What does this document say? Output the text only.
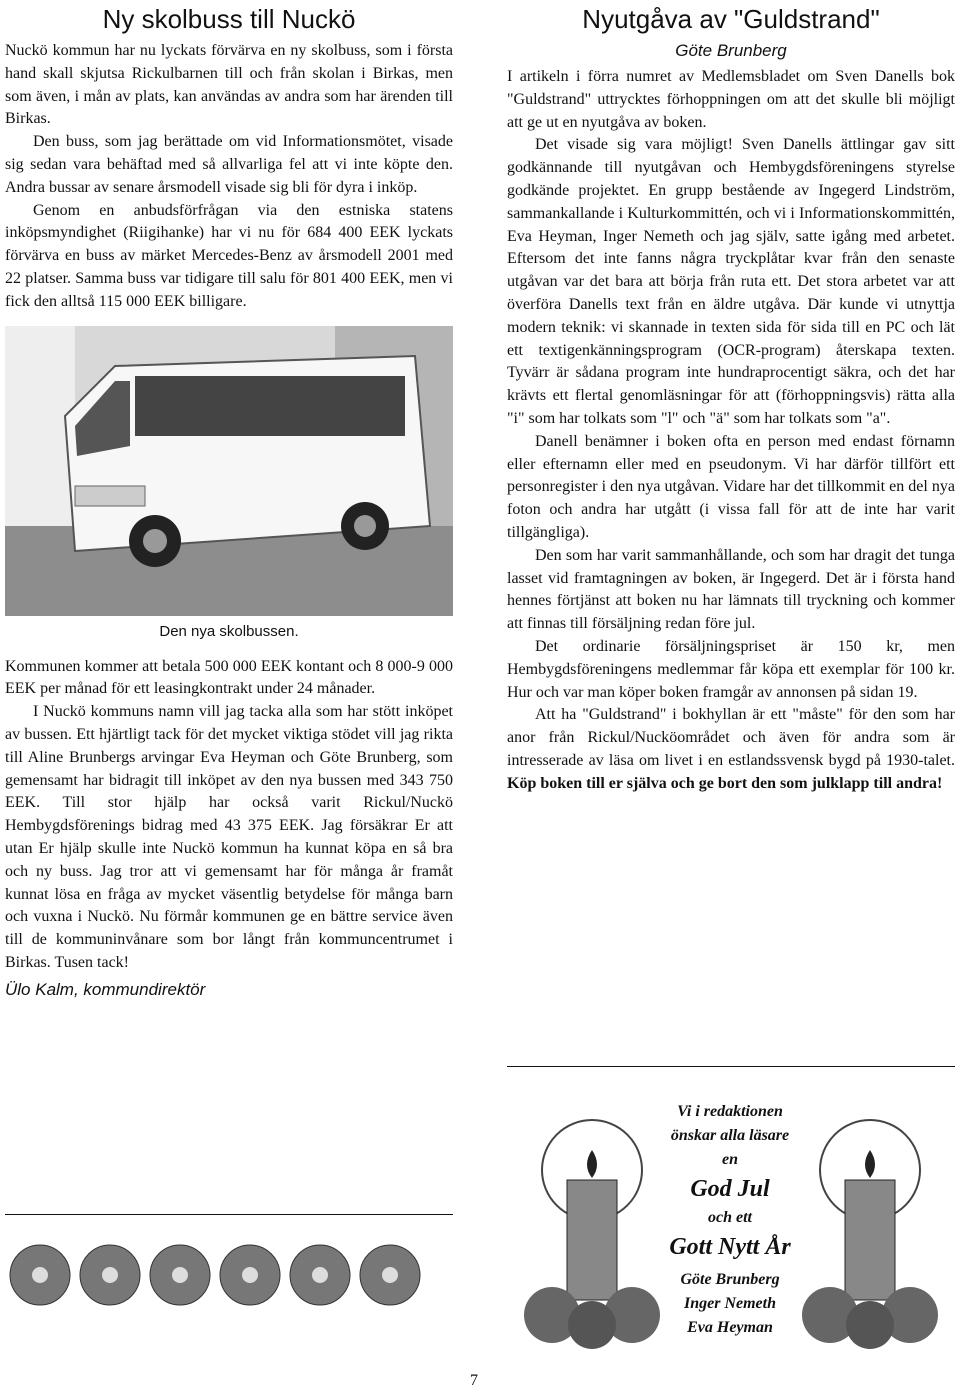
Ny skolbuss till Nuckö

Nuckö kommun har nu lyckats förvärva en ny skolbuss, som i första hand skall skjutsa Rickulbarnen till och från skolan i Birkas, men som även, i mån av plats, kan användas av andra som har ärenden till Birkas.

Den buss, som jag berättade om vid Informationsmötet, visade sig sedan vara behäftad med så allvarliga fel att vi inte köpte den. Andra bussar av senare årsmodell visade sig bli för dyra i inköp.

Genom en anbudsförfrågan via den estniska statens inköpsmyndighet (Riigihanke) har vi nu för 684 400 EEK lyckats förvärva en buss av märket Mercedes-Benz av årsmodell 2001 med 22 platser. Samma buss var tidigare till salu för 801 400 EEK, men vi fick den alltså 115 000 EEK billigare.

Den nya skolbussen.

Kommunen kommer att betala 500 000 EEK kontant och 8 000-9 000 EEK per månad för ett leasingkontrakt under 24 månader.

I Nuckö kommuns namn vill jag tacka alla som har stött inköpet av bussen. Ett hjärtligt tack för det mycket viktiga stödet vill jag rikta till Aline Brunbergs arvingar Eva Heyman och Göte Brunberg, som gemensamt har bidragit till inköpet av den nya bussen med 343 750 EEK. Till stor hjälp har också varit Rickul/Nuckö Hembygdsförenings bidrag med 43 375 EEK. Jag försäkrar Er att utan Er hjälp skulle inte Nuckö kommun ha kunnat köpa en så bra och ny buss. Jag tror att vi gemensamt har för många år framåt kunnat lösa en fråga av mycket väsentlig betydelse för många barn och vuxna i Nuckö. Nu förmår kommunen ge en bättre service även till de kommuninvånare som bor långt från kommuncentrumet i Birkas. Tusen tack!

Ülo Kalm, kommundirektör
Nyutgåva av "Guldstrand"
Göte Brunberg

I artikeln i förra numret av Medlemsbladet om Sven Danells bok "Guldstrand" uttrycktes förhoppningen om att det skulle bli möjligt att ge ut en nyutgåva av boken.

Det visade sig vara möjligt! Sven Danells ättlingar gav sitt godkännande till nyutgåvan och Hembygdsföreningens styrelse godkände projektet. En grupp bestående av Ingegerd Lindström, sammankallande i Kulturkommittén, och vi i Informationskommittén, Eva Heyman, Inger Nemeth och jag själv, satte igång med arbetet. Eftersom det inte fanns några tryckplåtar kvar från den senaste utgåvan var det bara att börja från ruta ett. Det stora arbetet var att överföra Danells text från en äldre utgåva. Där kunde vi utnyttja modern teknik: vi skannade in texten sida för sida till en PC och lät ett textigenkänningsprogram (OCR-program) återskapa texten. Tyvärr är sådana program inte hundraprocentigt säkra, och det har krävts ett flertal genomläsningar för att (förhoppningsvis) rätta alla "i" som har tolkats som "l" och "ä" som har tolkats som "a".

Danell benämner i boken ofta en person med endast förnamn eller efternamn eller med en pseudonym. Vi har därför tillfört ett personregister i den nya utgåvan. Vidare har det tillkommit en del nya foton och andra har utgått (i vissa fall för att de inte har varit tillgängliga).

Den som har varit sammanhållande, och som har dragit det tunga lasset vid framtagningen av boken, är Ingegerd. Det är i första hand hennes förtjänst att boken nu har lämnats till tryckning och kommer att finnas till försäljning redan före jul.

Det ordinarie försäljningspriset är 150 kr, men Hembygdsföreningens medlemmar får köpa ett exemplar för 100 kr. Hur och var man köper boken framgår av annonsen på sidan 19.

Att ha "Guldstrand" i bokhyllan är ett "måste" för den som har anor från Rickul/Nucköområdet och även för andra som är intresserade av läsa om livet i en estlandssvensk bygd på 1930-talet. Köp boken till er själva och ge bort den som julklapp till andra!

Vi i redaktionen
önskar alla läsare
en
God Jul
och ett
Gott Nytt År
Göte Brunberg
Inger Nemeth
Eva Heyman
7
